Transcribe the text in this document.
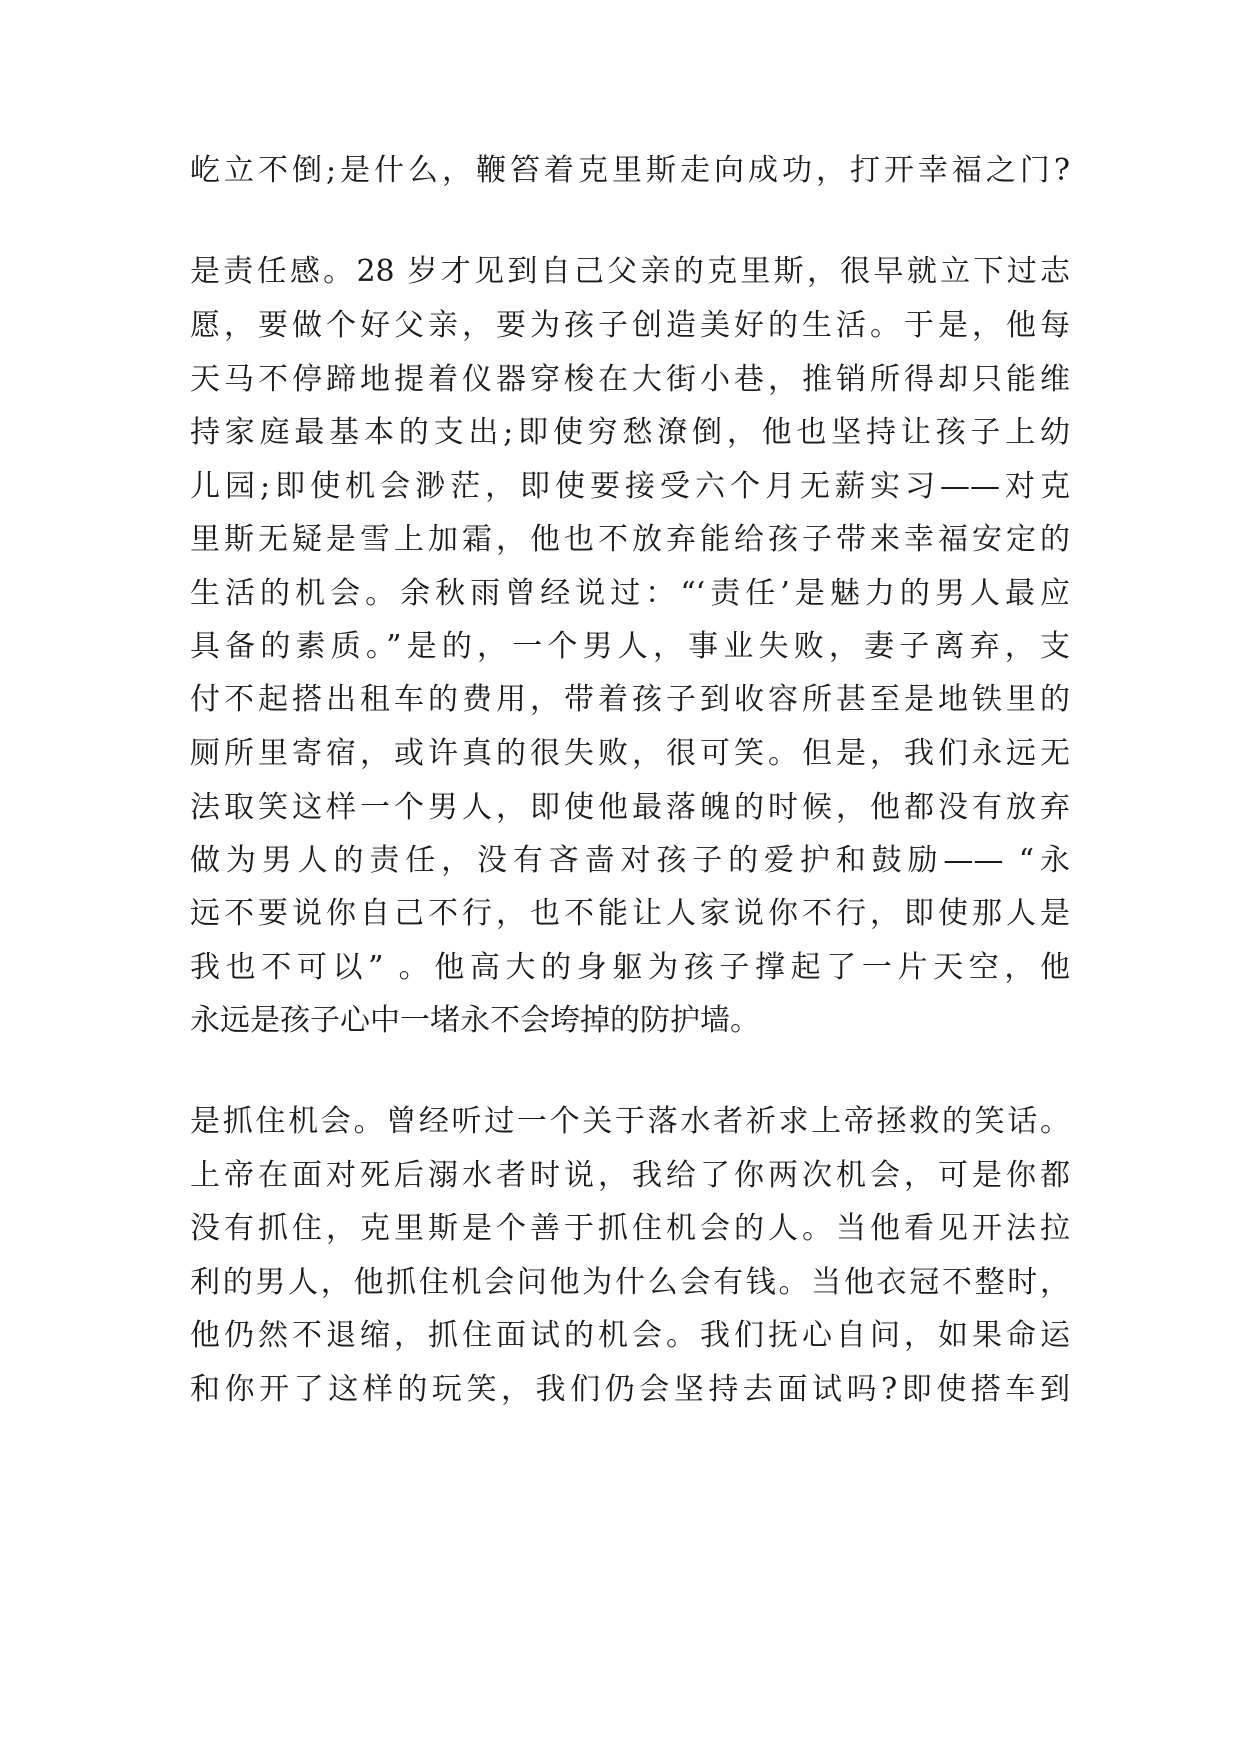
屹立不倒;是什么，鞭笞着克里斯走向成功，打开幸福之门?
是责任感。28 岁才见到自己父亲的克里斯，很早就立下过志
愿，要做个好父亲，要为孩子创造美好的生活。于是，他每
天马不停蹄地提着仪器穿梭在大街小巷，推销所得却只能维
持家庭最基本的支出;即使穷愁潦倒，他也坚持让孩子上幼
儿园;即使机会渺茫，即使要接受六个月无薪实习——对克
里斯无疑是雪上加霜，他也不放弃能给孩子带来幸福安定的
生活的机会。余秋雨曾经说过：“‘责任’是魅力的男人最应
具备的素质。”是的，一个男人，事业失败，妻子离弃，支
付不起搭出租车的费用，带着孩子到收容所甚至是地铁里的
厕所里寄宿，或许真的很失败，很可笑。但是，我们永远无
法取笑这样一个男人，即使他最落魄的时候，他都没有放弃
做为男人的责任，没有吝啬对孩子的爱护和鼓励—— “永
远不要说你自己不行，也不能让人家说你不行，即使那人是
我也不可以” 。他高大的身躯为孩子撑起了一片天空，他
永远是孩子心中一堵永不会垮掉的防护墙。
是抓住机会。曾经听过一个关于落水者祈求上帝拯救的笑话。
上帝在面对死后溺水者时说，我给了你两次机会，可是你都
没有抓住，克里斯是个善于抓住机会的人。当他看见开法拉
利的男人，他抓住机会问他为什么会有钱。当他衣冠不整时，
他仍然不退缩，抓住面试的机会。我们抚心自问，如果命运
和你开了这样的玩笑，我们仍会坚持去面试吗?即使搭车到
